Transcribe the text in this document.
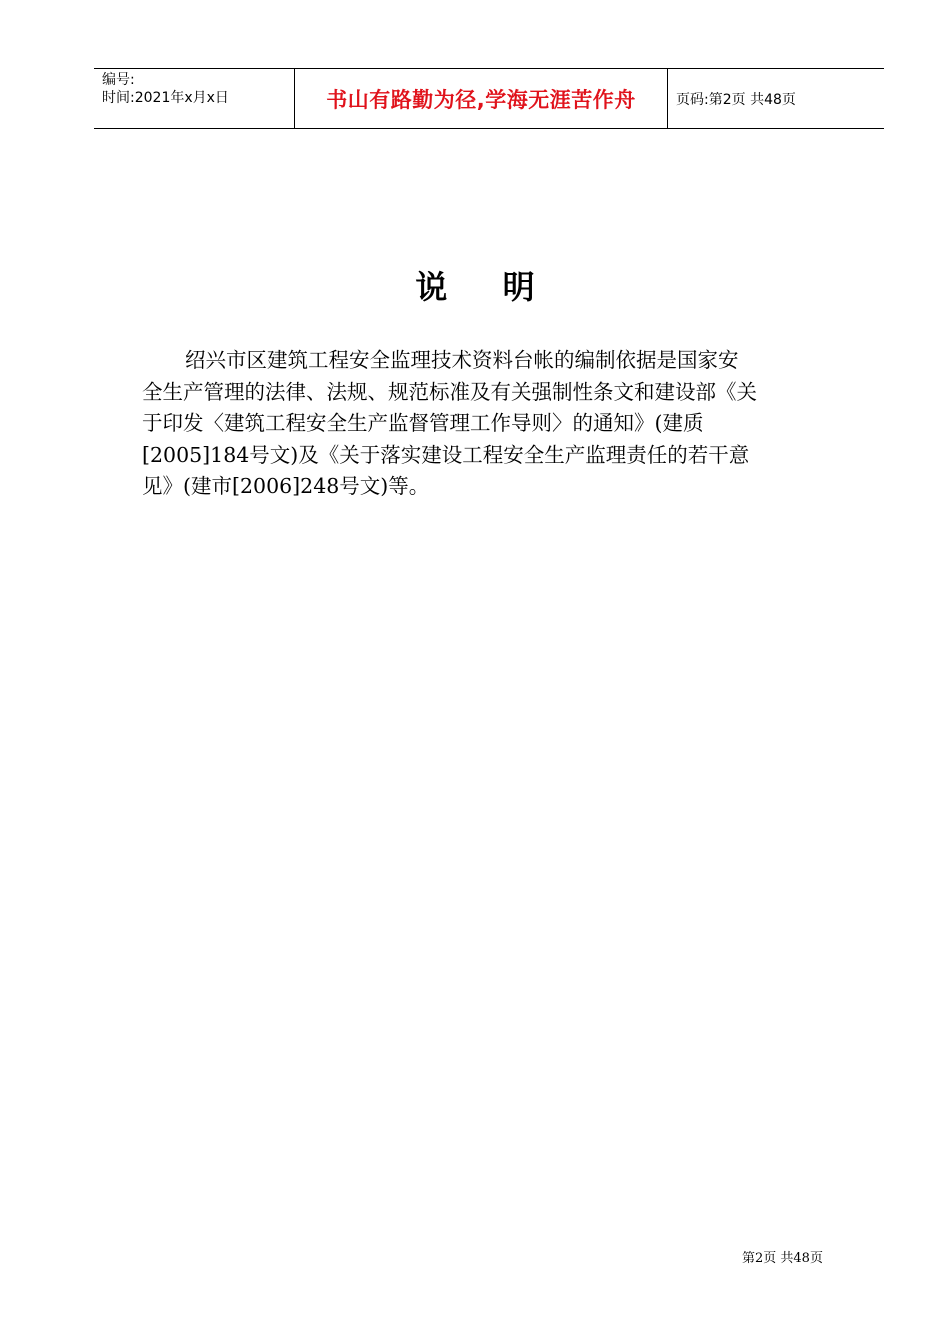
编号:
时间:2021年x月x日	书山有路勤为径,学海无涯苦作舟	页码:第2页 共48页
说 明
绍兴市区建筑工程安全监理技术资料台帐的编制依据是国家安
全生产管理的法律、法规、规范标准及有关强制性条文和建设部《关
于印发〈建筑工程安全生产监督管理工作导则〉的通知》(建质
[2005]184号文)及《关于落实建设工程安全生产监理责任的若干意
见》(建市[2006]248号文)等。
第2页 共48页
